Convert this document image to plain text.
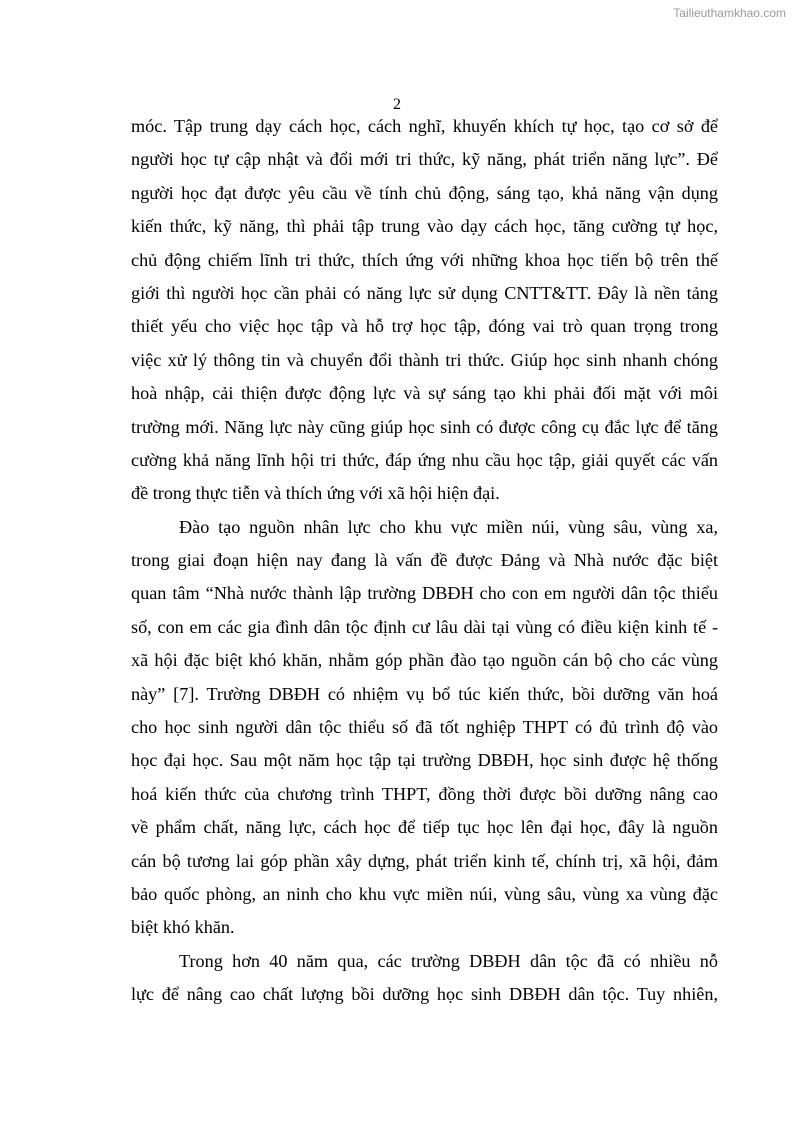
Tailieuthamkhao.com
2
móc. Tập trung dạy cách học, cách nghĩ, khuyến khích tự học, tạo cơ sở để
người học tự cập nhật và đổi mới tri thức, kỹ năng, phát triển năng lực”. Để
người học đạt được yêu cầu về tính chủ động, sáng tạo, khả năng vận dụng
kiến thức, kỹ năng, thì phải tập trung vào dạy cách học, tăng cường tự học,
chủ động chiếm lĩnh tri thức, thích ứng với những khoa học tiến bộ trên thế
giới thì người học cần phải có năng lực sử dụng CNTT&TT. Đây là nền tảng
thiết yếu cho việc học tập và hỗ trợ học tập, đóng vai trò quan trọng trong
việc xử lý thông tin và chuyển đổi thành tri thức. Giúp học sinh nhanh chóng
hoà nhập, cải thiện được động lực và sự sáng tạo khi phải đối mặt với môi
trường mới. Năng lực này cũng giúp học sinh có được công cụ đắc lực để tăng
cường khả năng lĩnh hội tri thức, đáp ứng nhu cầu học tập, giải quyết các vấn
đề trong thực tiễn và thích ứng với xã hội hiện đại.
Đào tạo nguồn nhân lực cho khu vực miền núi, vùng sâu, vùng xa,
trong giai đoạn hiện nay đang là vấn đề được Đảng và Nhà nước đặc biệt
quan tâm “Nhà nước thành lập trường DBĐH cho con em người dân tộc thiểu
số, con em các gia đình dân tộc định cư lâu dài tại vùng có điều kiện kinh tế -
xã hội đặc biệt khó khăn, nhằm góp phần đào tạo nguồn cán bộ cho các vùng
này” [7]. Trường DBĐH có nhiệm vụ bổ túc kiến thức, bồi dưỡng văn hoá
cho học sinh người dân tộc thiểu số đã tốt nghiệp THPT có đủ trình độ vào
học đại học. Sau một năm học tập tại trường DBĐH, học sinh được hệ thống
hoá kiến thức của chương trình THPT, đồng thời được bồi dưỡng nâng cao
về phẩm chất, năng lực, cách học để tiếp tục học lên đại học, đây là nguồn
cán bộ tương lai góp phần xây dựng, phát triển kinh tế, chính trị, xã hội, đảm
bảo quốc phòng, an ninh cho khu vực miền núi, vùng sâu, vùng xa vùng đặc
biệt khó khăn.
Trong hơn 40 năm qua, các trường DBĐH dân tộc đã có nhiều nỗ
lực để nâng cao chất lượng bồi dưỡng học sinh DBĐH dân tộc. Tuy nhiên,
